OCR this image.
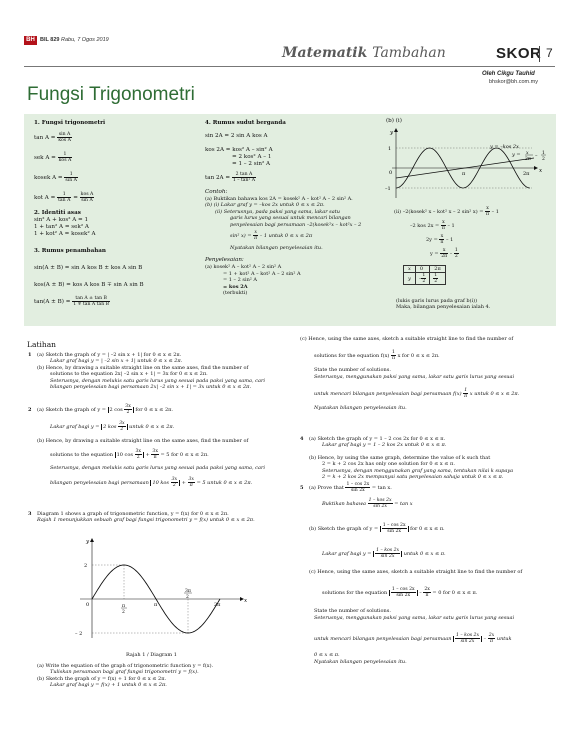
BH BIL 829 Rabu, 7 Ogos 2019
Matematik Tambahan	SKOR 7
Oleh Cikgu Tauhid
bhskor@bh.com.my
Fungsi Trigonometri
1. Fungsi trigonometri
$\tan A = \frac{\text{sin A}}{\text{kos A}}$
sek $A = \frac{1}{\text{kos A}}$
kosek $A = \frac{1}{\text{sin A}}$
kot $A = \frac{1}{\text{tan A}} = \frac{\text{kos A}}{\text{sin A}}$
2. Identiti asas
sin² A + kos² A = 1
1 + tan² A = sek² A
1 + kot² A = kosek² A
3. Rumus penambahan
sin(A ± B) = sin A kos B ± kos A sin B
kos(A ± B) = kos A kos B ∓ sin A sin B
$\tan(A \pm B) = \frac{\text{tan A ± tan B}}{\text{1 ∓ tan A tan B}}$
4. Rumus sudut berganda
sin 2A = 2 sin A kos A
kos 2A = kos² A – sin² A
= 2 kos² A – 1
= 1 – 2 sin² A
$\tan 2A = \frac{\text{2 tan A}}{\text{1 – tan² A}}$
Contoh:
(a) Buktikan bahawa kos 2A = kosek² A – kot² A – 2 sin² A.
(b) (i) Lakar graf y = –kos 2x untuk 0 ≤ x ≤ 2π.
(ii) Seterusnya, pada paksi yang sama, lakar satu
garis lurus yang sesuai untuk mencari bilangan
penyelesaian bagi persamaan –2(kosek²x – kot²x – 2
sin² $x) = \frac{x}{\pi} - 1$ untuk 0 ≤ x ≤ 2π
Nyatakan bilangan penyelesaian itu.
Penyelesaian:
(a) kosek² A – kot² A – 2 sin² A
= 1 + kot² A – kot² A – 2 sin² A
= 1 – 2 sin² A
= kos 2A
(terbukti)
(b) (i)
y
x
1
0
–1
π	2π
y = –kos 2x
y = x
2π
– 1
2
(ii) –2(kosek² x – kot² x – 2 sin² $x) = \frac{x}{\pi} - 1$
–2 kos $2x = \frac{x}{\pi} - 1$
$2y = \frac{x}{\pi} - 1$
$y = \frac{x}{2\pi} - \frac{1}{2}$
x	0	2π
y	– $\frac{1}{2}$	$\frac{1}{2}$
(lukis garis lurus pada graf b(i))
Maka, bilangan penyelesaian ialah 4.
Latihan
1 (a) Sketch the graph of y = | –2 sin x + 1| for 0 ≤ x ≤ 2π.
Lakar graf bagi y = | –2 sin x + 1| untuk 0 ≤ x ≤ 2π.
(b) Hence, by drawing a suitable straight line on the same axes, find the number of
solutions to the equation 2x| –2 sin x + 1| = 3x for 0 ≤ x ≤ 2π.
Seterusnya, dengan melukis satu garis lurus yang sesuai pada paksi yang sama, cari
bilangan penyelesaian bagi persamaan 2x| –2 sin x + 1| = 3x untuk 0 ≤ x ≤ 2π.
2 (a) Sketch the graph of y = 2 $\cos \frac{3x}{2}$ for 0 ≤ x ≤ 2π.
Lakar graf bagi y = 2 kos $\frac{3x}{2}$ untuk 0 ≤ x ≤ 2π.
(b) Hence, by drawing a suitable straight line on the same axes, find the number of
solutions to the equation 10 $\cos \frac{3x}{2} + \frac{3x}{\pi} = 5$ for 0 ≤ x ≤ 2π.
Seterusnya, dengan melukis satu garis lurus yang sesuai pada paksi yang sama, cari
bilangan penyelesaian bagi persamaan 10 kos $\frac{3x}{2} + \frac{3x}{\pi} = 5$ untuk 0 ≤ x ≤ 2π.
3 Diagram 1 shows a graph of trigonometric function, y = f(x) for 0 ≤ x ≤ 2π.
Rajah 1 menunjukkan sebuah graf bagi fungsi trigonometri y = f(x) untuk 0 ≤ x ≤ 2π.
y
x
2
0
– 2
π
2
π
3π
2
2π
Rajah 1 / Diagram 1
(a) Write the equation of the graph of trigonometric function y = f(x).
Tuliskan persamaan bagi graf fungsi trigonometri y = f(x).
(b) Sketch the graph of y = f(x) + 1 for 0 ≤ x ≤ 2π.
Lakar graf bagi y = f(x) + 1 untuk 0 ≤ x ≤ 2π.
(c) Hence, using the same axes, sketch a suitable straight line to find the number of
solutions for the equation $f(x) \frac{1}{\pi}$ x for 0 ≤ x ≤ 2π.
State the number of solutions.
Seterusnya, menggunakan paksi yang sama, lakar satu garis lurus yang sesuai
untuk mencari bilangan penyelesaian bagi persamaan $f(x) \frac{1}{\pi}$ x untuk 0 ≤ x ≤ 2π.
Nyatakan bilangan penyelesaian itu.
4 (a) Sketch the graph of y = 1 – 2 cos 2x for 0 ≤ x ≤ π.
Lakar graf bagi y = 1 – 2 kos 2x untuk 0 ≤ x ≤ π.
(b) Hence, by using the same graph, determine the value of k such that
2 = k + 2 cos 2x has only one solution for 0 ≤ x ≤ π.
Seterusnya, dengan menggunakan graf yang sama, tentukan nilai k supaya
2 = k + 2 kos 2x mempunyai satu penyelesaian sahaja untuk 0 ≤ x ≤ π.
5 (a) Prove that $\frac{1 - \cos 2x}{\sin 2x} = \tan x$.
Buktikan bahawa $\frac{\text{1 – kos 2x}}{\sin 2x} = \tan x$
(b) Sketch the graph of $y = \frac{1 - \cos 2x}{\sin 2x}$ for 0 ≤ x ≤ π.
Lakar graf bagi $y = \frac{\text{1 – kos 2x}}{\sin 2x}$ untuk 0 ≤ x ≤ π.
(c) Hence, using the same axes, sketch a suitable straight line to find the number of
solutions for the equation $\frac{1 - \cos 2x}{\sin 2x} - \frac{2x}{\pi} = 0$ for 0 ≤ x ≤ π.
State the number of solutions.
Seterusnya, menggunakan paksi yang sama, lakar satu garis lurus yang sesuai
untuk mencari bilangan penyelesaian bagi persamaan $\frac{\text{1 – kos 2x}}{\sin 2x} - \frac{2x}{\pi}$ untuk
0 ≤ x ≤ π.
Nyatakan bilangan penyelesaian itu.
